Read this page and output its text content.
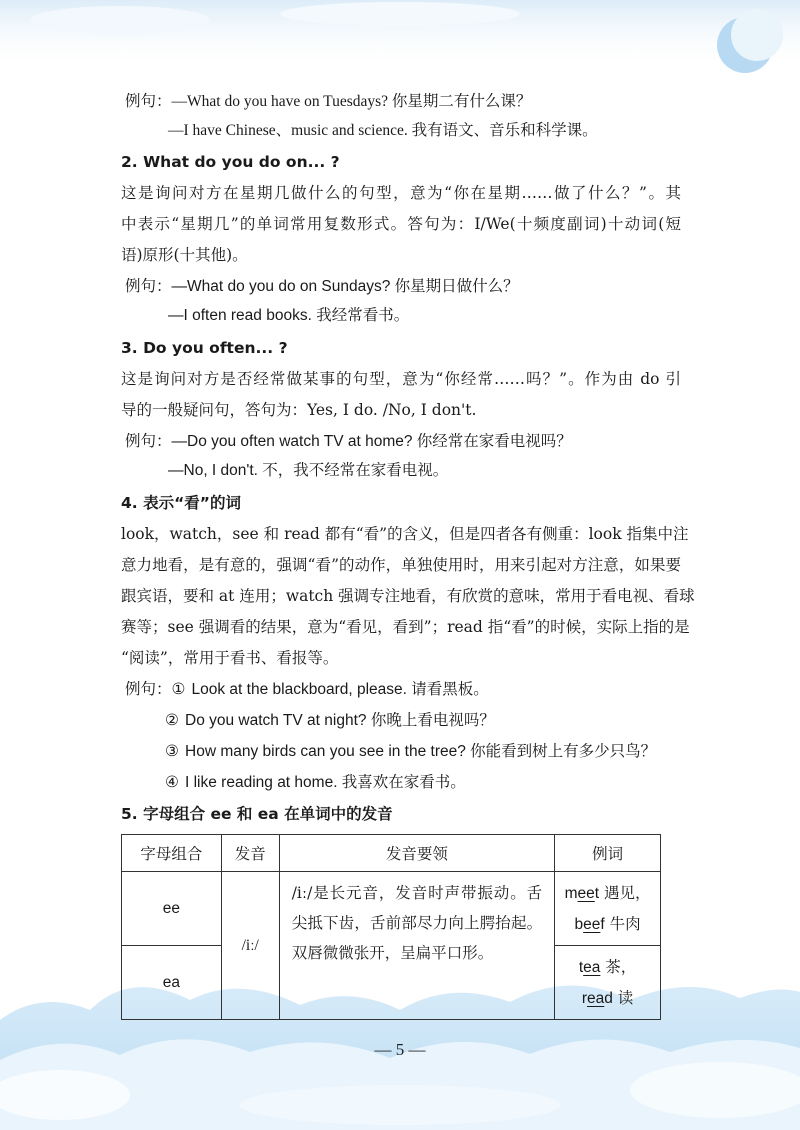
例句：—What do you have on Tuesdays? 你星期二有什么课？
—I have Chinese、music and science. 我有语文、音乐和科学课。
2. What do you do on... ?
这是询问对方在星期几做什么的句型，意为“你在星期……做了什么？”。其
中表示“星期几”的单词常用复数形式。答句为：I/We(十频度副词)十动词(短
语)原形(十其他)。
例句：—What do you do on Sundays? 你星期日做什么？
—I often read books. 我经常看书。
3. Do you often... ?
这是询问对方是否经常做某事的句型，意为“你经常……吗？”。作为由 do 引
导的一般疑问句，答句为：Yes, I do. /No, I don't.
例句：—Do you often watch TV at home? 你经常在家看电视吗？
—No, I don't. 不，我不经常在家看电视。
4. 表示“看”的词
look，watch，see 和 read 都有“看”的含义，但是四者各有侧重：look 指集中注
意力地看，是有意的，强调“看”的动作，单独使用时，用来引起对方注意，如果要
跟宾语，要和 at 连用；watch 强调专注地看，有欣赏的意味，常用于看电视、看球
赛等；see 强调看的结果，意为“看见，看到”；read 指“看”的时候，实际上指的是
“阅读”，常用于看书、看报等。
例句：① Look at the blackboard, please. 请看黑板。
② Do you watch TV at night? 你晚上看电视吗？
③ How many birds can you see in the tree? 你能看到树上有多少只鸟？
④ I like reading at home. 我喜欢在家看书。
5. 字母组合 ee 和 ea 在单词中的发音
字母组合	发音	发音要领	例词
ee	/iː/	/iː/是长元音，发音时声带振动。舌尖抵下齿，舌前部尽力向上腭抬起。双唇微微张开，呈扁平口形。	meet 遇见，
beef 牛肉

ea			tea 茶，
read 读
— 5 —
